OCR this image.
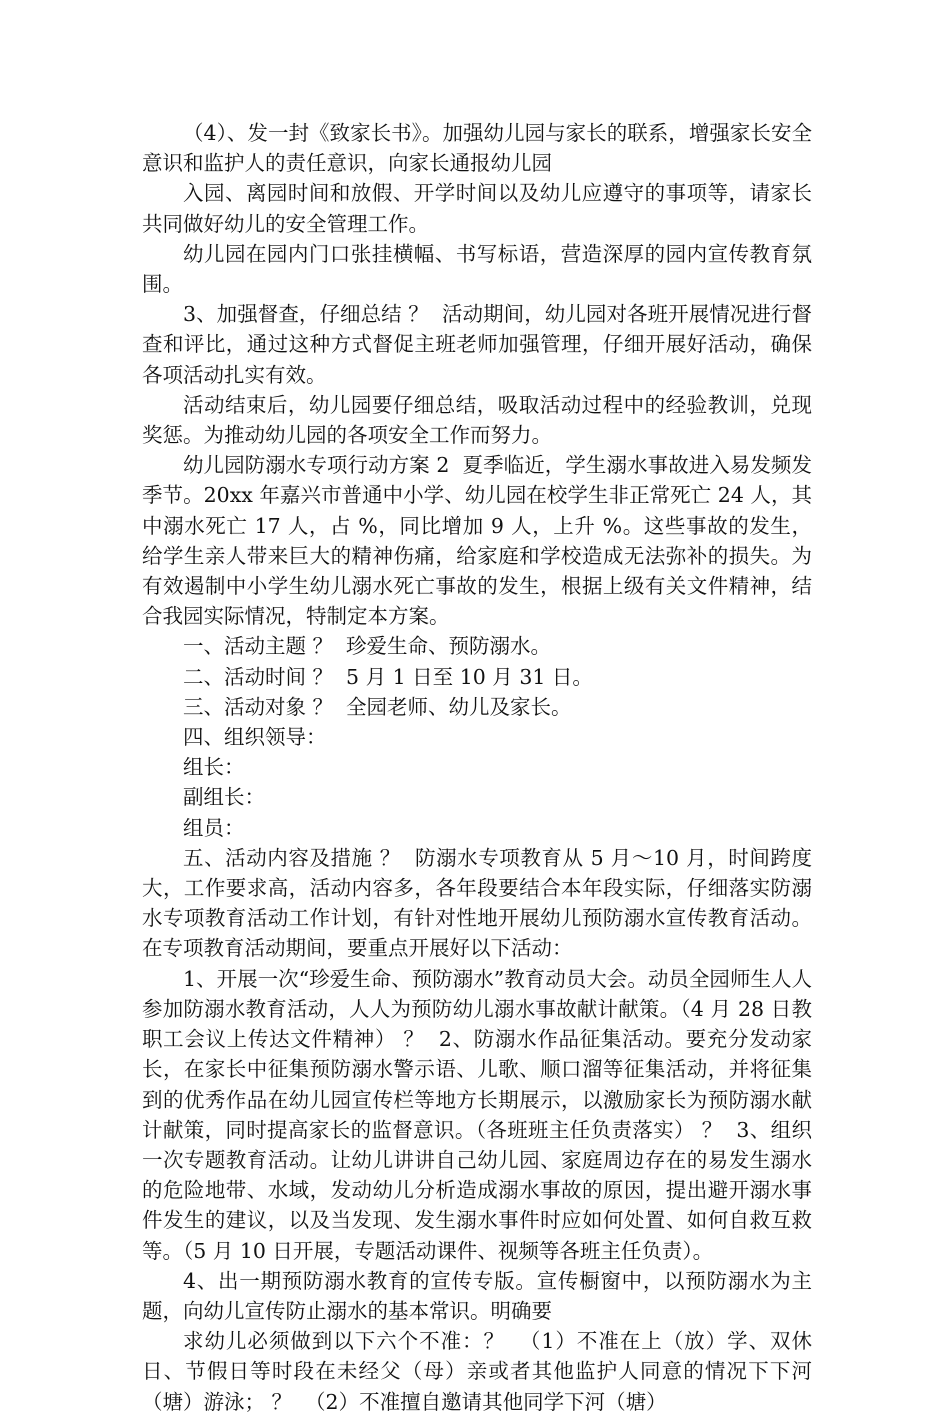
（4）、发一封《致家长书》。加强幼儿园与家长的联系，增强家长安全意识和监护人的责任意识，向家长通报幼儿园

入园、离园时间和放假、开学时间以及幼儿应遵守的事项等，请家长共同做好幼儿的安全管理工作。

幼儿园在园内门口张挂横幅、书写标语，营造深厚的园内宣传教育氛围。

3、加强督查，仔细总结 ？  活动期间，幼儿园对各班开展情况进行督查和评比，通过这种方式督促主班老师加强管理，仔细开展好活动，确保各项活动扎实有效。

活动结束后，幼儿园要仔细总结，吸取活动过程中的经验教训，兑现奖惩。为推动幼儿园的各项安全工作而努力。

幼儿园防溺水专项行动方案 2  夏季临近，学生溺水事故进入易发频发季节。20xx 年嘉兴市普通中小学、幼儿园在校学生非正常死亡 24 人，其中溺水死亡 17 人，占 %，同比增加 9 人，上升 %。这些事故的发生，给学生亲人带来巨大的精神伤痛，给家庭和学校造成无法弥补的损失。为有效遏制中小学生幼儿溺水死亡事故的发生，根据上级有关文件精神，结合我园实际情况，特制定本方案。

一、活动主题 ？  珍爱生命、预防溺水。

二、活动时间 ？  5 月 1 日至 10 月 31 日。

三、活动对象 ？  全园老师、幼儿及家长。

四、组织领导：

组长：

副组长：

组员：

五、活动内容及措施 ？  防溺水专项教育从 5 月～10 月，时间跨度大，工作要求高，活动内容多，各年段要结合本年段实际，仔细落实防溺水专项教育活动工作计划，有针对性地开展幼儿预防溺水宣传教育活动。在专项教育活动期间，要重点开展好以下活动：

1、开展一次“珍爱生命、预防溺水”教育动员大会。动员全园师生人人参加防溺水教育活动，人人为预防幼儿溺水事故献计献策。（4 月 28 日教职工会议上传达文件精神） ？  2、防溺水作品征集活动。要充分发动家长，在家长中征集预防溺水警示语、儿歌、顺口溜等征集活动，并将征集到的优秀作品在幼儿园宣传栏等地方长期展示，以激励家长为预防溺水献计献策，同时提高家长的监督意识。（各班班主任负责落实） ？  3、组织一次专题教育活动。让幼儿讲讲自己幼儿园、家庭周边存在的易发生溺水的危险地带、水域，发动幼儿分析造成溺水事故的原因，提出避开溺水事件发生的建议，以及当发现、发生溺水事件时应如何处置、如何自救互救等。（5 月 10 日开展，专题活动课件、视频等各班主任负责）。

4、出一期预防溺水教育的宣传专版。宣传橱窗中，以预防溺水为主题，向幼儿宣传防止溺水的基本常识。明确要

求幼儿必须做到以下六个不准：？  （1）不准在上（放）学、双休日、节假日等时段在未经父（母）亲或者其他监护人同意的情况下下河（塘）游泳； ？  （2）不准擅自邀请其他同学下河（塘）
